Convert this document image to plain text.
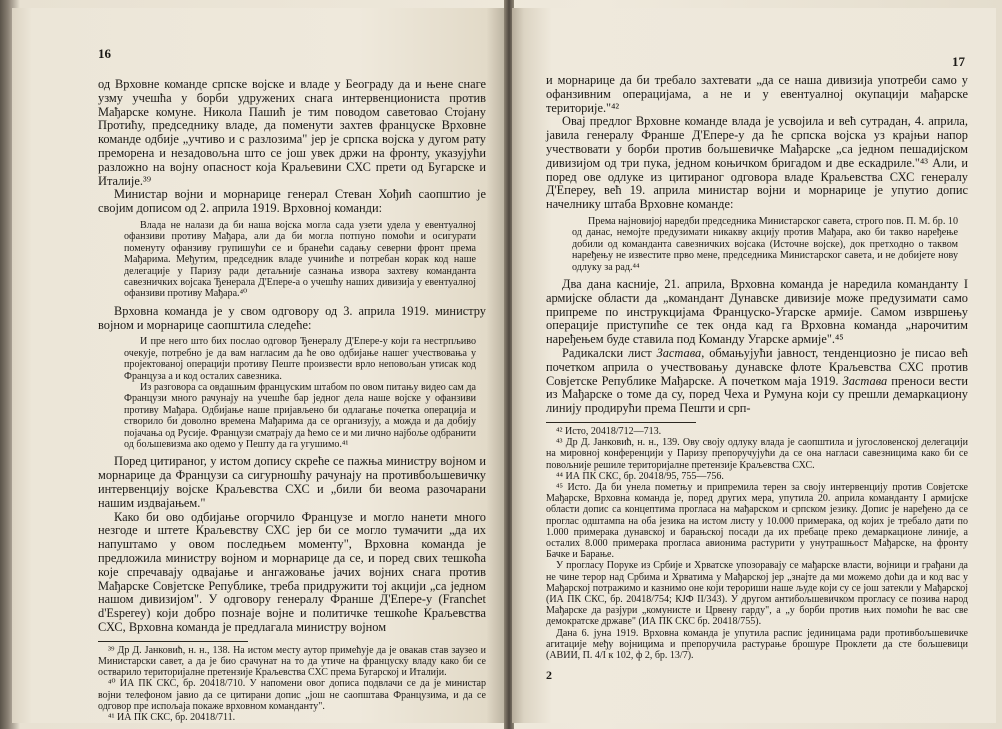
16

од Врховне команде српске војске и владе у Београду да и њене снаге узму учешћа у борби удружених снага интервенциониста против Мађарске комуне. Никола Пашић је тим поводом саветовао Стојану Протићу, председнику владе, да поменути захтев француске Врховне команде одбије „учтиво и с разлозима" јер је српска војска у дугом рату преморена и незадовољна што се још увек држи на фронту, указујући разложно на војну опасност која Краљевини СХС прети од Бугарске и Италије.³⁹

Министар војни и морнарице генерал Стеван Хођић саопштио је својим дописом од 2. априла 1919. Врховној команди:

Влада не налази да би наша војска могла сада узети удела у евентуалној офанзиви противу Мађара, али да би могла потпуно помоћи и осигурати поменуту офанзиву групишући се и бранећи садању северни фронт према Мађарима. Међутим, председник владе учиниће и потребан корак код наше делегације у Паризу ради детаљније сазнања извора захтеву команданта савезничких војсака Ђенерала Д'Епере-а о учешћу наших дивизија у евентуалној офанзиви противу Мађара.⁴⁰

Врховна команда је у свом одговору од 3. априла 1919. министру војном и морнарице саопштила следеће:

И пре него што бих послао одговор Ђенералу Д'Епере-у који га нестрпљиво очекује, потребно је да вам нагласим да ће ово одбијање нашег учествовања у пројектованој операцији противу Пеште произвести врло неповољан утисак код Француза а и код осталих савезника.

Из разговора са овдашњим француским штабом по овом питању видео сам да Французи много рачунају на учешће бар једног дела наше војске у офанзиви противу Мађара. Одбијање наше пријављено би одлагање почетка операција и створило би доволно времена Мађарима да се организују, а можда и да добију појачања од Русије. Французи сматрају да ћемо се и ми лично најбоље одбранити од бољшевизма ако одемо у Пешту да га угушимо.⁴¹

Поред цитираног, у истом допису скреће се пажња министру војном и морнарице да Французи са сигурношћу рачунају на противбољшевичку интервенцију војске Краљевства СХС и „били би веома разочарани нашим издвајањем."

Како би ово одбијање огорчило Французе и могло нанети много незгоде и штете Краљевству СХС јер би се могло тумачити „да их напуштамо у овом последњем моменту", Врховна команда је предложила министру војном и морнарице да се, и поред свих тешкоћа које спречавају одвајање и ангажовање јачих војних снага против Мађарске Совјетске Републике, треба придружити тој акцији „са једном нашом дивизијом". У одговору генералу Франше Д'Епере-у (Franchet d'Esperey) који добро познаје војне и политичке тешкоће Краљевства СХС, Врховна команда је предлагала министру војном

³⁹ Др Д. Јанковић, н. н., 138. На истом месту аутор примећује да је овакав став заузео и Министарски савет, а да је био срачунат на то да утиче на француску владу како би се остварило територијалне претензије Краљевства СХС према Бугарској и Италији.

⁴⁰ ИА ПК СКС, бр. 20418/710. У напомени овог дописа подвлачи се да је министар војни телефоном јавио да се цитирани допис „још не саопштава Французима, и да се одговор пре испољаја покаже врховном команданту".

⁴¹ ИА ПК СКС, бр. 20418/711.

17

и морнарице да би требало захтевати „да се наша дивизија употреби само у офанзивним операцијама, а не и у евентуалној окупацији мађарске територије."⁴²

Овај предлог Врховне команде влада је усвојила и већ сутрадан, 4. априла, јавила генералу Франше Д'Епере-у да ће српска војска уз крајњи напор учествовати у борби против бољшевичке Мађарске „са једном пешадијском дивизијом од три пука, једном коњичком бригадом и две ескадриле."⁴³ Али, и поред ове одлуке из цитираног одговора владе Краљевства СХС генералу Д'Епереу, већ 19. априла министар војни и морнарице је упутио допис начелнику штаба Врховне команде:

Према најновијој наредби председника Министарског савета, строго пов. П. М. бр. 10 од данас, немојте предузимати никакву акцију против Мађара, ако би такво наређење добили од команданта савезничких војсака (Источне војске), док претходно о таквом наређењу не известите прво мене, председника Министарског савета, и не добијете нову одлуку за рад.⁴⁴

Два дана касније, 21. априла, Врховна команда је наредила команданту I армијске области да „командант Дунавске дивизије може предузимати само припреме по инструкцијама Француско-Угарске армије. Самом извршењу операције приступиће се тек онда кад га Врховна команда „нарочитим наређењем буде ставила под Команду Угарске армије".⁴⁵

Радикалски лист Застава, обмањујући јавност, тенденциозно је писао већ почетком априла о учествовању дунавске флоте Краљевства СХС против Совјетске Републике Мађарске. А почетком маја 1919. Застава преноси вести из Мађарске о томе да су, поред Чеха и Румуна који су прешли демаркациону линију продирући према Пешти и срп-

⁴² Исто, 20418/712—713.

⁴³ Др Д. Јанковић, н. н., 139. Ову своју одлуку влада је саопштила и југословенској делегацији на мировној конференцији у Паризу препоручујући да се она нагласи савезницима како би се повољније решиле територијалне претензије Краљевства СХС.

⁴⁴ ИА ПК СКС, бр. 20418/95, 755—756.

⁴⁵ Исто. Да би унела пометњу и припремила терен за своју интервенцију против Совјетске Мађарске, Врховна команда је, поред других мера, упутила 20. априла команданту I армијске области допис са концептима прогласа на мађарском и српском језику. Допис је наређено да се проглас одштампа на оба језика на истом листу у 10.000 примерака, од којих је требало дати по 1.000 примерака дунавској и барањској посади да их пребаце преко демаркационе линије, а осталих 8.000 примерака прогласа авионима растурити у унутрашњост Мађарске, на фронту Бачке и Барање.

У прогласу Поруке из Србије и Хрватске упозоравају се мађарске власти, војници и грађани да не чине терор над Србима и Хрватима у Мађарској јер „знајте да ми можемо доћи да и код вас у Мађарској потражимо и казнимо оне који терориши наше људе који су се још затекли у Мађарској (ИА ПК СКС, бр. 20418/754; КЈФ II/343). У другом антибољшевичком прогласу се позива народ Мађарске да разјури „комунисте и Црвену гарду", а „у борби против њих помоћи ће вас све демократске државе" (ИА ПК СКС бр. 20418/755).

Дана 6. јуна 1919. Врховна команда је упутила распис јединицама ради противбољшевичке агитације међу војницима и препоручила растурање брошуре Проклети да сте бољшевици (АВИИ, П. 4/I к 102, ф 2, бр. 13/7).

2
